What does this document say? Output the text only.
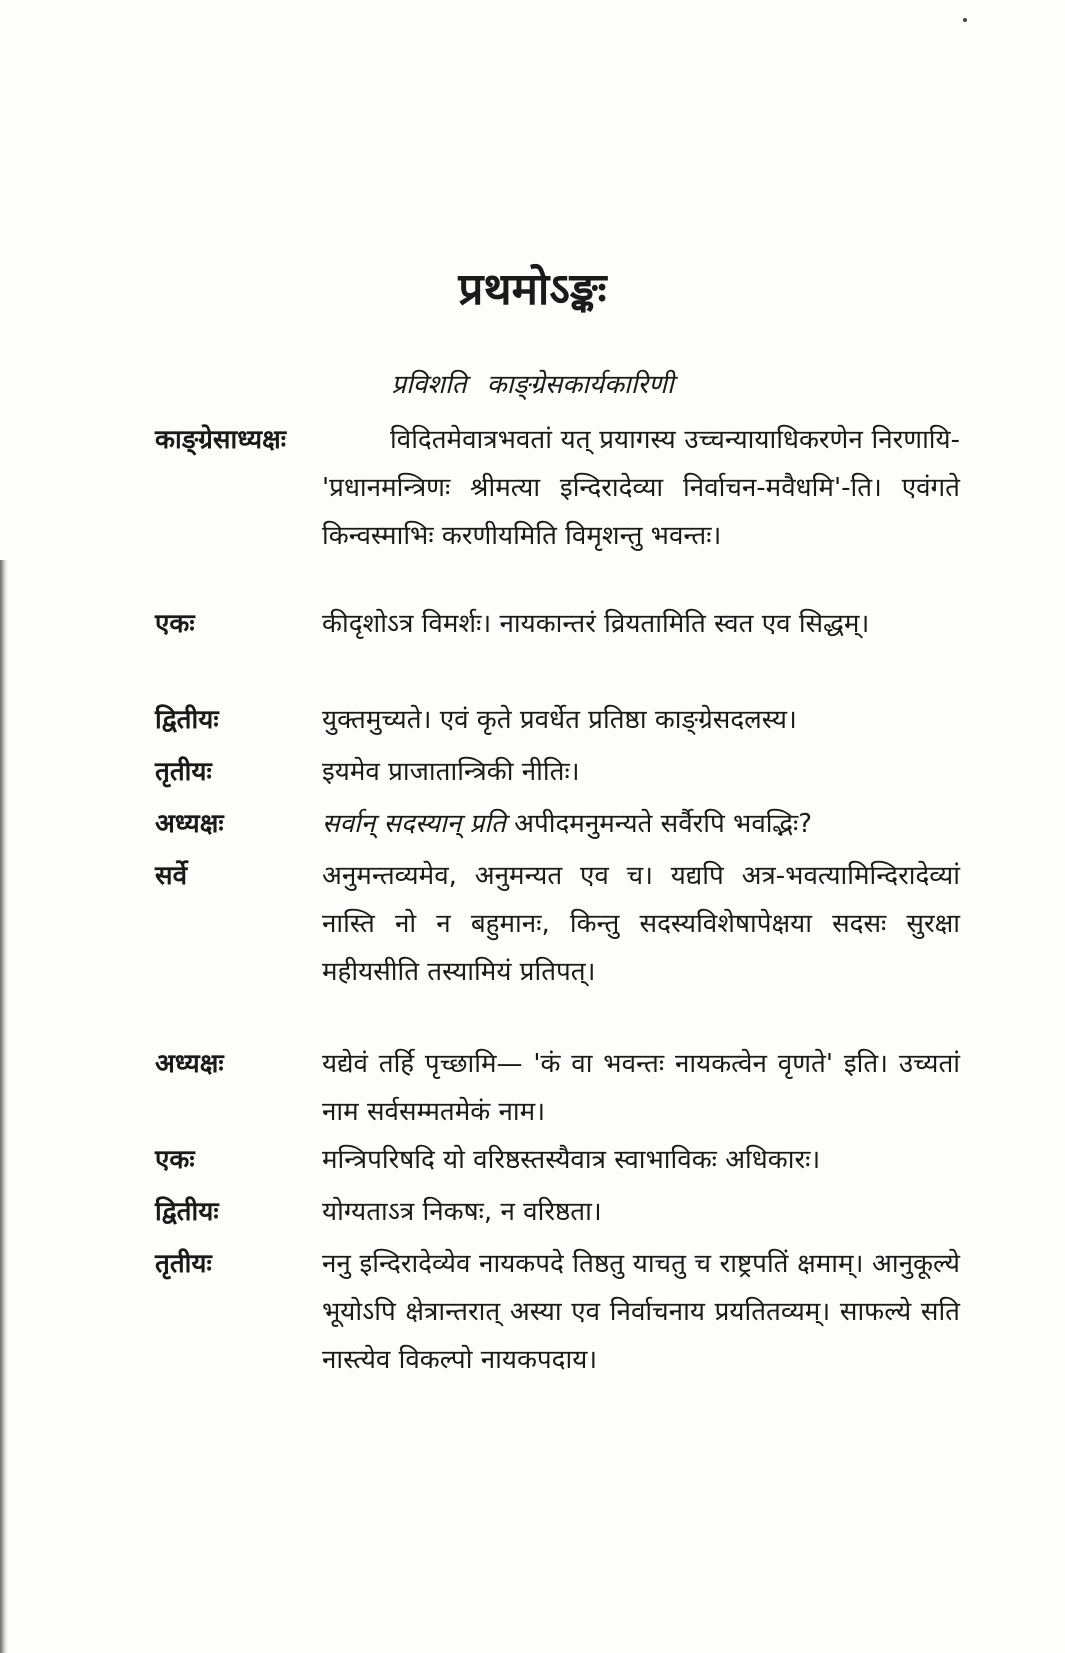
प्रथमोऽङ्कः
प्रविशति काङ्ग्रेसकार्यकारिणी
काङ्ग्रेसाध्यक्षः	विदितमेवात्रभवतां यत् प्रयागस्य उच्चन्यायाधिकरणेन निरणायि-'प्रधानमन्त्रिणः श्रीमत्या इन्दिरादेव्या निर्वाचन-मवैधमि'-ति। एवंगते किन्वस्माभिः करणीयमिति विमृशन्तु भवन्तः।
एकः	कीदृशोऽत्र विमर्शः। नायकान्तरं व्रियतामिति स्वत एव सिद्धम्।
द्वितीयः	युक्तमुच्यते। एवं कृते प्रवर्धेत प्रतिष्ठा काङ्ग्रेसदलस्य।
तृतीयः	इयमेव प्राजातान्त्रिकी नीतिः।
अध्यक्षः	सर्वान् सदस्यान् प्रति अपीदमनुमन्यते सर्वैरपि भवद्भिः?
सर्वे	अनुमन्तव्यमेव, अनुमन्यत एव च। यद्यपि अत्र-भवत्यामिन्दिरादेव्यां नास्ति नो न बहुमानः, किन्तु सदस्यविशेषापेक्षया सदसः सुरक्षा महीयसीति तस्यामियं प्रतिपत्।
अध्यक्षः	यद्येवं तर्हि पृच्छामि— 'कं वा भवन्तः नायकत्वेन वृणते' इति। उच्यतां नाम सर्वसम्मतमेकं नाम।
एकः	मन्त्रिपरिषदि यो वरिष्ठस्तस्यैवात्र स्वाभाविकः अधिकारः।
द्वितीयः	योग्यताऽत्र निकषः, न वरिष्ठता।
तृतीयः	ननु इन्दिरादेव्येव नायकपदे तिष्ठतु याचतु च राष्ट्रपतिं क्षमाम्। आनुकूल्ये भूयोऽपि क्षेत्रान्तरात् अस्या एव निर्वाचनाय प्रयतितव्यम्। साफल्ये सति नास्त्येव विकल्पो नायकपदाय।
